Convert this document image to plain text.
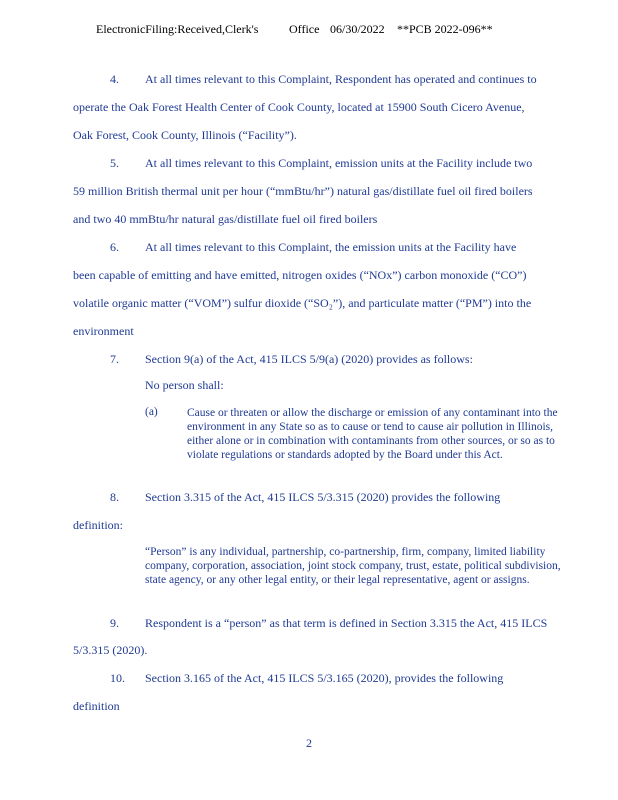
ElectronicFiling:Received,Clerk's	Office 06/30/2022 **PCB 2022-096**
4. At all times relevant to this Complaint, Respondent has operated and continues to
operate the Oak Forest Health Center of Cook County, located at 15900 South Cicero Avenue,
Oak Forest, Cook County, Illinois (“Facility”).
5. At all times relevant to this Complaint, emission units at the Facility include two
59 million British thermal unit per hour (“mmBtu/hr”) natural gas/distillate fuel oil fired boilers
and two 40 mmBtu/hr natural gas/distillate fuel oil fired boilers
6. At all times relevant to this Complaint, the emission units at the Facility have
been capable of emitting and have emitted, nitrogen oxides (“NOx”) carbon monoxide (“CO”)
volatile organic matter (“VOM”) sulfur dioxide (“SO₂”), and particulate matter (“PM”) into the
environment
7. Section 9(a) of the Act, 415 ILCS 5/9(a) (2020) provides as follows:
No person shall:
(a)	Cause or threaten or allow the discharge or emission of any contaminant into the environment in any State so as to cause or tend to cause air pollution in Illinois, either alone or in combination with contaminants from other sources, or so as to violate regulations or standards adopted by the Board under this Act.
8. Section 3.315 of the Act, 415 ILCS 5/3.315 (2020) provides the following
definition:
“Person” is any individual, partnership, co-partnership, firm, company, limited liability company, corporation, association, joint stock company, trust, estate, political subdivision, state agency, or any other legal entity, or their legal representative, agent or assigns.
9. Respondent is a “person” as that term is defined in Section 3.315 the Act, 415 ILCS
5/3.315 (2020).
10. Section 3.165 of the Act, 415 ILCS 5/3.165 (2020), provides the following
definition
2
